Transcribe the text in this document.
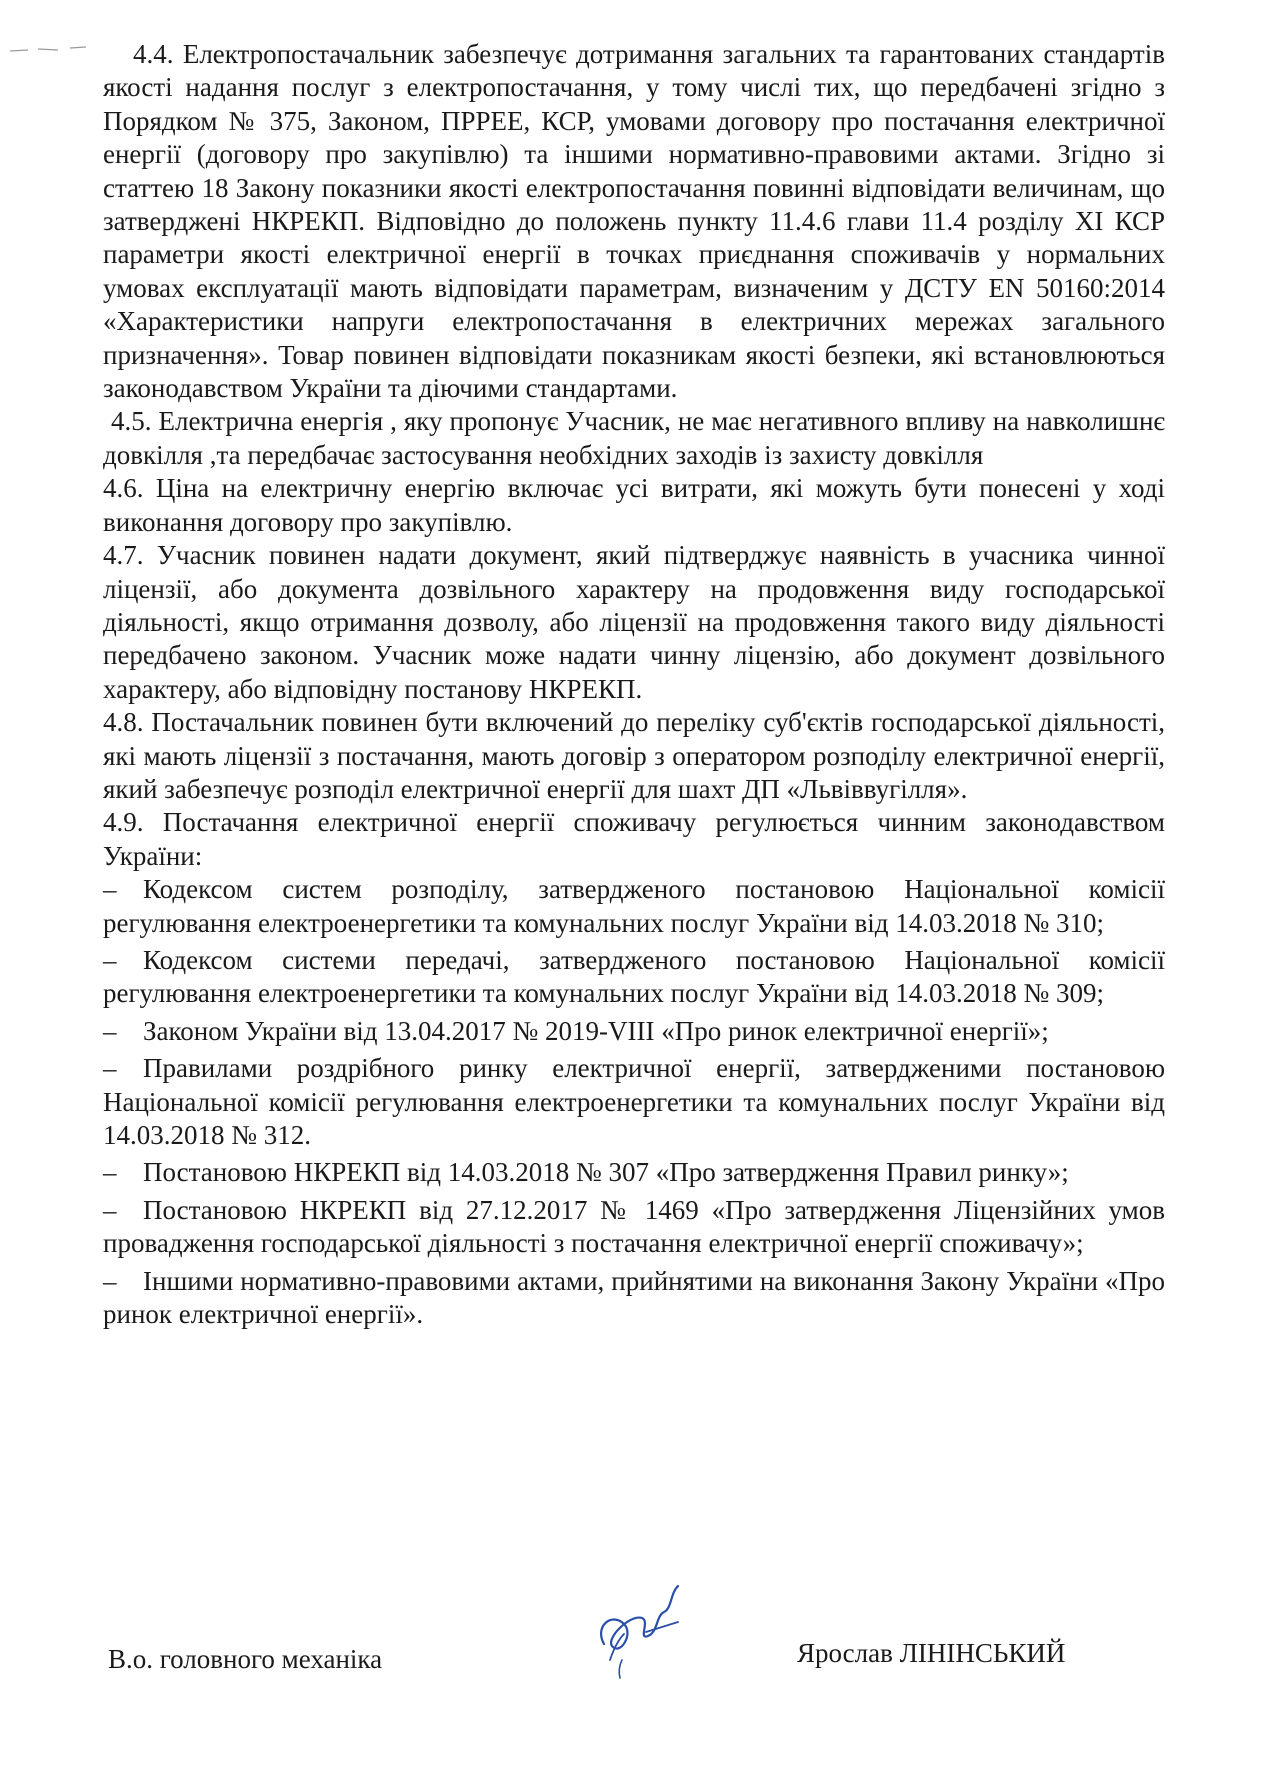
4.4. Електропостачальник забезпечує дотримання загальних та гарантованих стандартів якості надання послуг з електропостачання, у тому числі тих, що передбачені згідно з Порядком № 375, Законом, ПРРЕЕ, КСР, умовами договору про постачання електричної енергії (договору про закупівлю) та іншими нормативно-правовими актами. Згідно зі статтею 18 Закону показники якості електропостачання повинні відповідати величинам, що затверджені НКРЕКП. Відповідно до положень пункту 11.4.6 глави 11.4 розділу XI КСР параметри якості електричної енергії в точках приєднання споживачів у нормальних умовах експлуатації мають відповідати параметрам, визначеним у ДСТУ EN 50160:2014 «Характеристики напруги електропостачання в електричних мережах загального призначення». Товар повинен відповідати показникам якості безпеки, які встановлюються законодавством України та діючими стандартами.

4.5. Електрична енергія , яку пропонує Учасник, не має негативного впливу на навколишнє довкілля ,та передбачає застосування необхідних заходів із захисту довкілля

4.6. Ціна на електричну енергію включає усі витрати, які можуть бути понесені у ході виконання договору про закупівлю.

4.7. Учасник повинен надати документ, який підтверджує наявність в учасника чинної ліцензії, або документа дозвільного характеру на продовження виду господарської діяльності, якщо отримання дозволу, або ліцензії на продовження такого виду діяльності передбачено законом. Учасник може надати чинну ліцензію, або документ дозвільного характеру, або відповідну постанову НКРЕКП.

4.8. Постачальник повинен бути включений до переліку суб'єктів господарської діяльності, які мають ліцензії з постачання, мають договір з оператором розподілу електричної енергії, який забезпечує розподіл електричної енергії для шахт ДП «Львіввугілля».

4.9. Постачання електричної енергії споживачу регулюється чинним законодавством України:

– Кодексом систем розподілу, затвердженого постановою Національної комісії регулювання електроенергетики та комунальних послуг України від 14.03.2018 № 310;

– Кодексом системи передачі, затвердженого постановою Національної комісії регулювання електроенергетики та комунальних послуг України від 14.03.2018 № 309;

– Законом України від 13.04.2017 № 2019-VIII «Про ринок електричної енергії»;

– Правилами роздрібного ринку електричної енергії, затвердженими постановою Національної комісії регулювання електроенергетики та комунальних послуг України від 14.03.2018 № 312.

– Постановою НКРЕКП від 14.03.2018 № 307 «Про затвердження Правил ринку»;

– Постановою НКРЕКП від 27.12.2017 № 1469 «Про затвердження Ліцензійних умов провадження господарської діяльності з постачання електричної енергії споживачу»;

– Іншими нормативно-правовими актами, прийнятими на виконання Закону України «Про ринок електричної енергії».

В.о. головного механіка	Ярослав ЛІНІНСЬКИЙ
